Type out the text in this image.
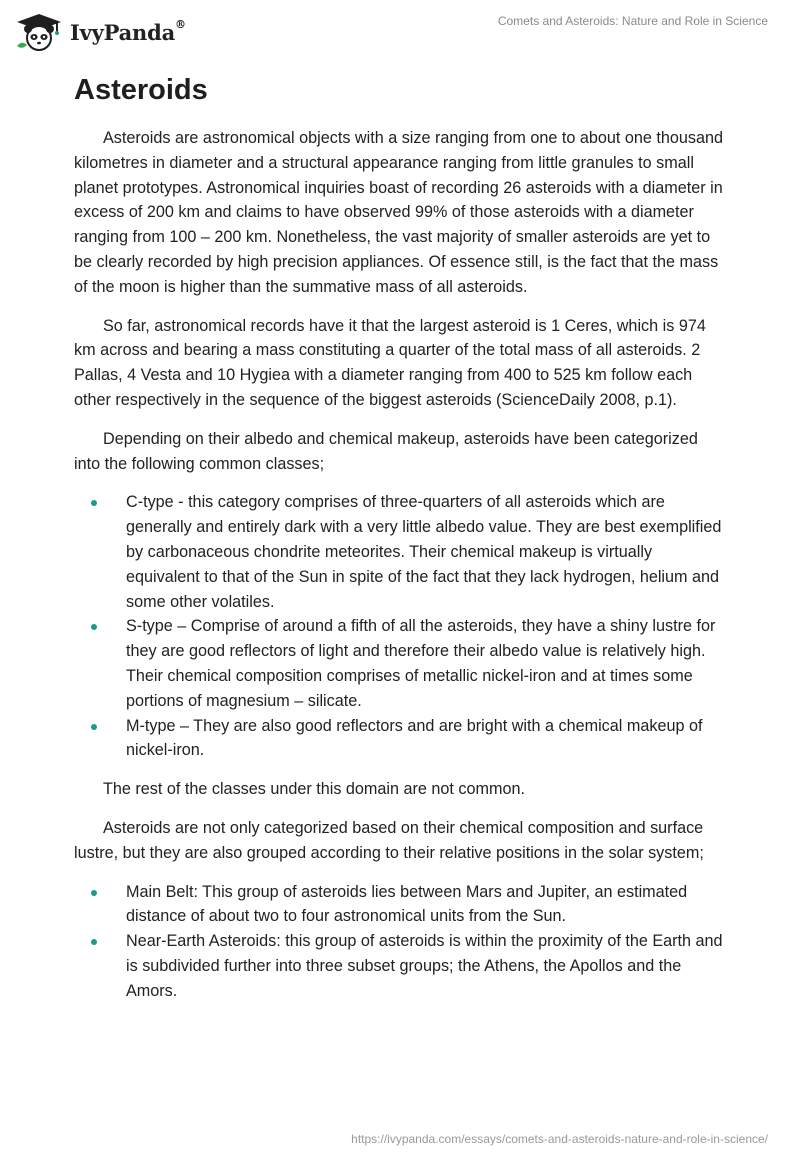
IvyPanda®	Comets and Asteroids: Nature and Role in Science
Asteroids

Asteroids are astronomical objects with a size ranging from one to about one thousand kilometres in diameter and a structural appearance ranging from little granules to small planet prototypes. Astronomical inquiries boast of recording 26 asteroids with a diameter in excess of 200 km and claims to have observed 99% of those asteroids with a diameter ranging from 100 – 200 km. Nonetheless, the vast majority of smaller asteroids are yet to be clearly recorded by high precision appliances. Of essence still, is the fact that the mass of the moon is higher than the summative mass of all asteroids.

So far, astronomical records have it that the largest asteroid is 1 Ceres, which is 974 km across and bearing a mass constituting a quarter of the total mass of all asteroids. 2 Pallas, 4 Vesta and 10 Hygiea with a diameter ranging from 400 to 525 km follow each other respectively in the sequence of the biggest asteroids (ScienceDaily 2008, p.1).

Depending on their albedo and chemical makeup, asteroids have been categorized into the following common classes;

C-type - this category comprises of three-quarters of all asteroids which are generally and entirely dark with a very little albedo value. They are best exemplified by carbonaceous chondrite meteorites. Their chemical makeup is virtually equivalent to that of the Sun in spite of the fact that they lack hydrogen, helium and some other volatiles.
S-type – Comprise of around a fifth of all the asteroids, they have a shiny lustre for they are good reflectors of light and therefore their albedo value is relatively high. Their chemical composition comprises of metallic nickel-iron and at times some portions of magnesium – silicate.
M-type – They are also good reflectors and are bright with a chemical makeup of nickel-iron.

The rest of the classes under this domain are not common.

Asteroids are not only categorized based on their chemical composition and surface lustre, but they are also grouped according to their relative positions in the solar system;

Main Belt: This group of asteroids lies between Mars and Jupiter, an estimated distance of about two to four astronomical units from the Sun.
Near-Earth Asteroids: this group of asteroids is within the proximity of the Earth and is subdivided further into three subset groups; the Athens, the Apollos and the Amors.
https://ivypanda.com/essays/comets-and-asteroids-nature-and-role-in-science/
